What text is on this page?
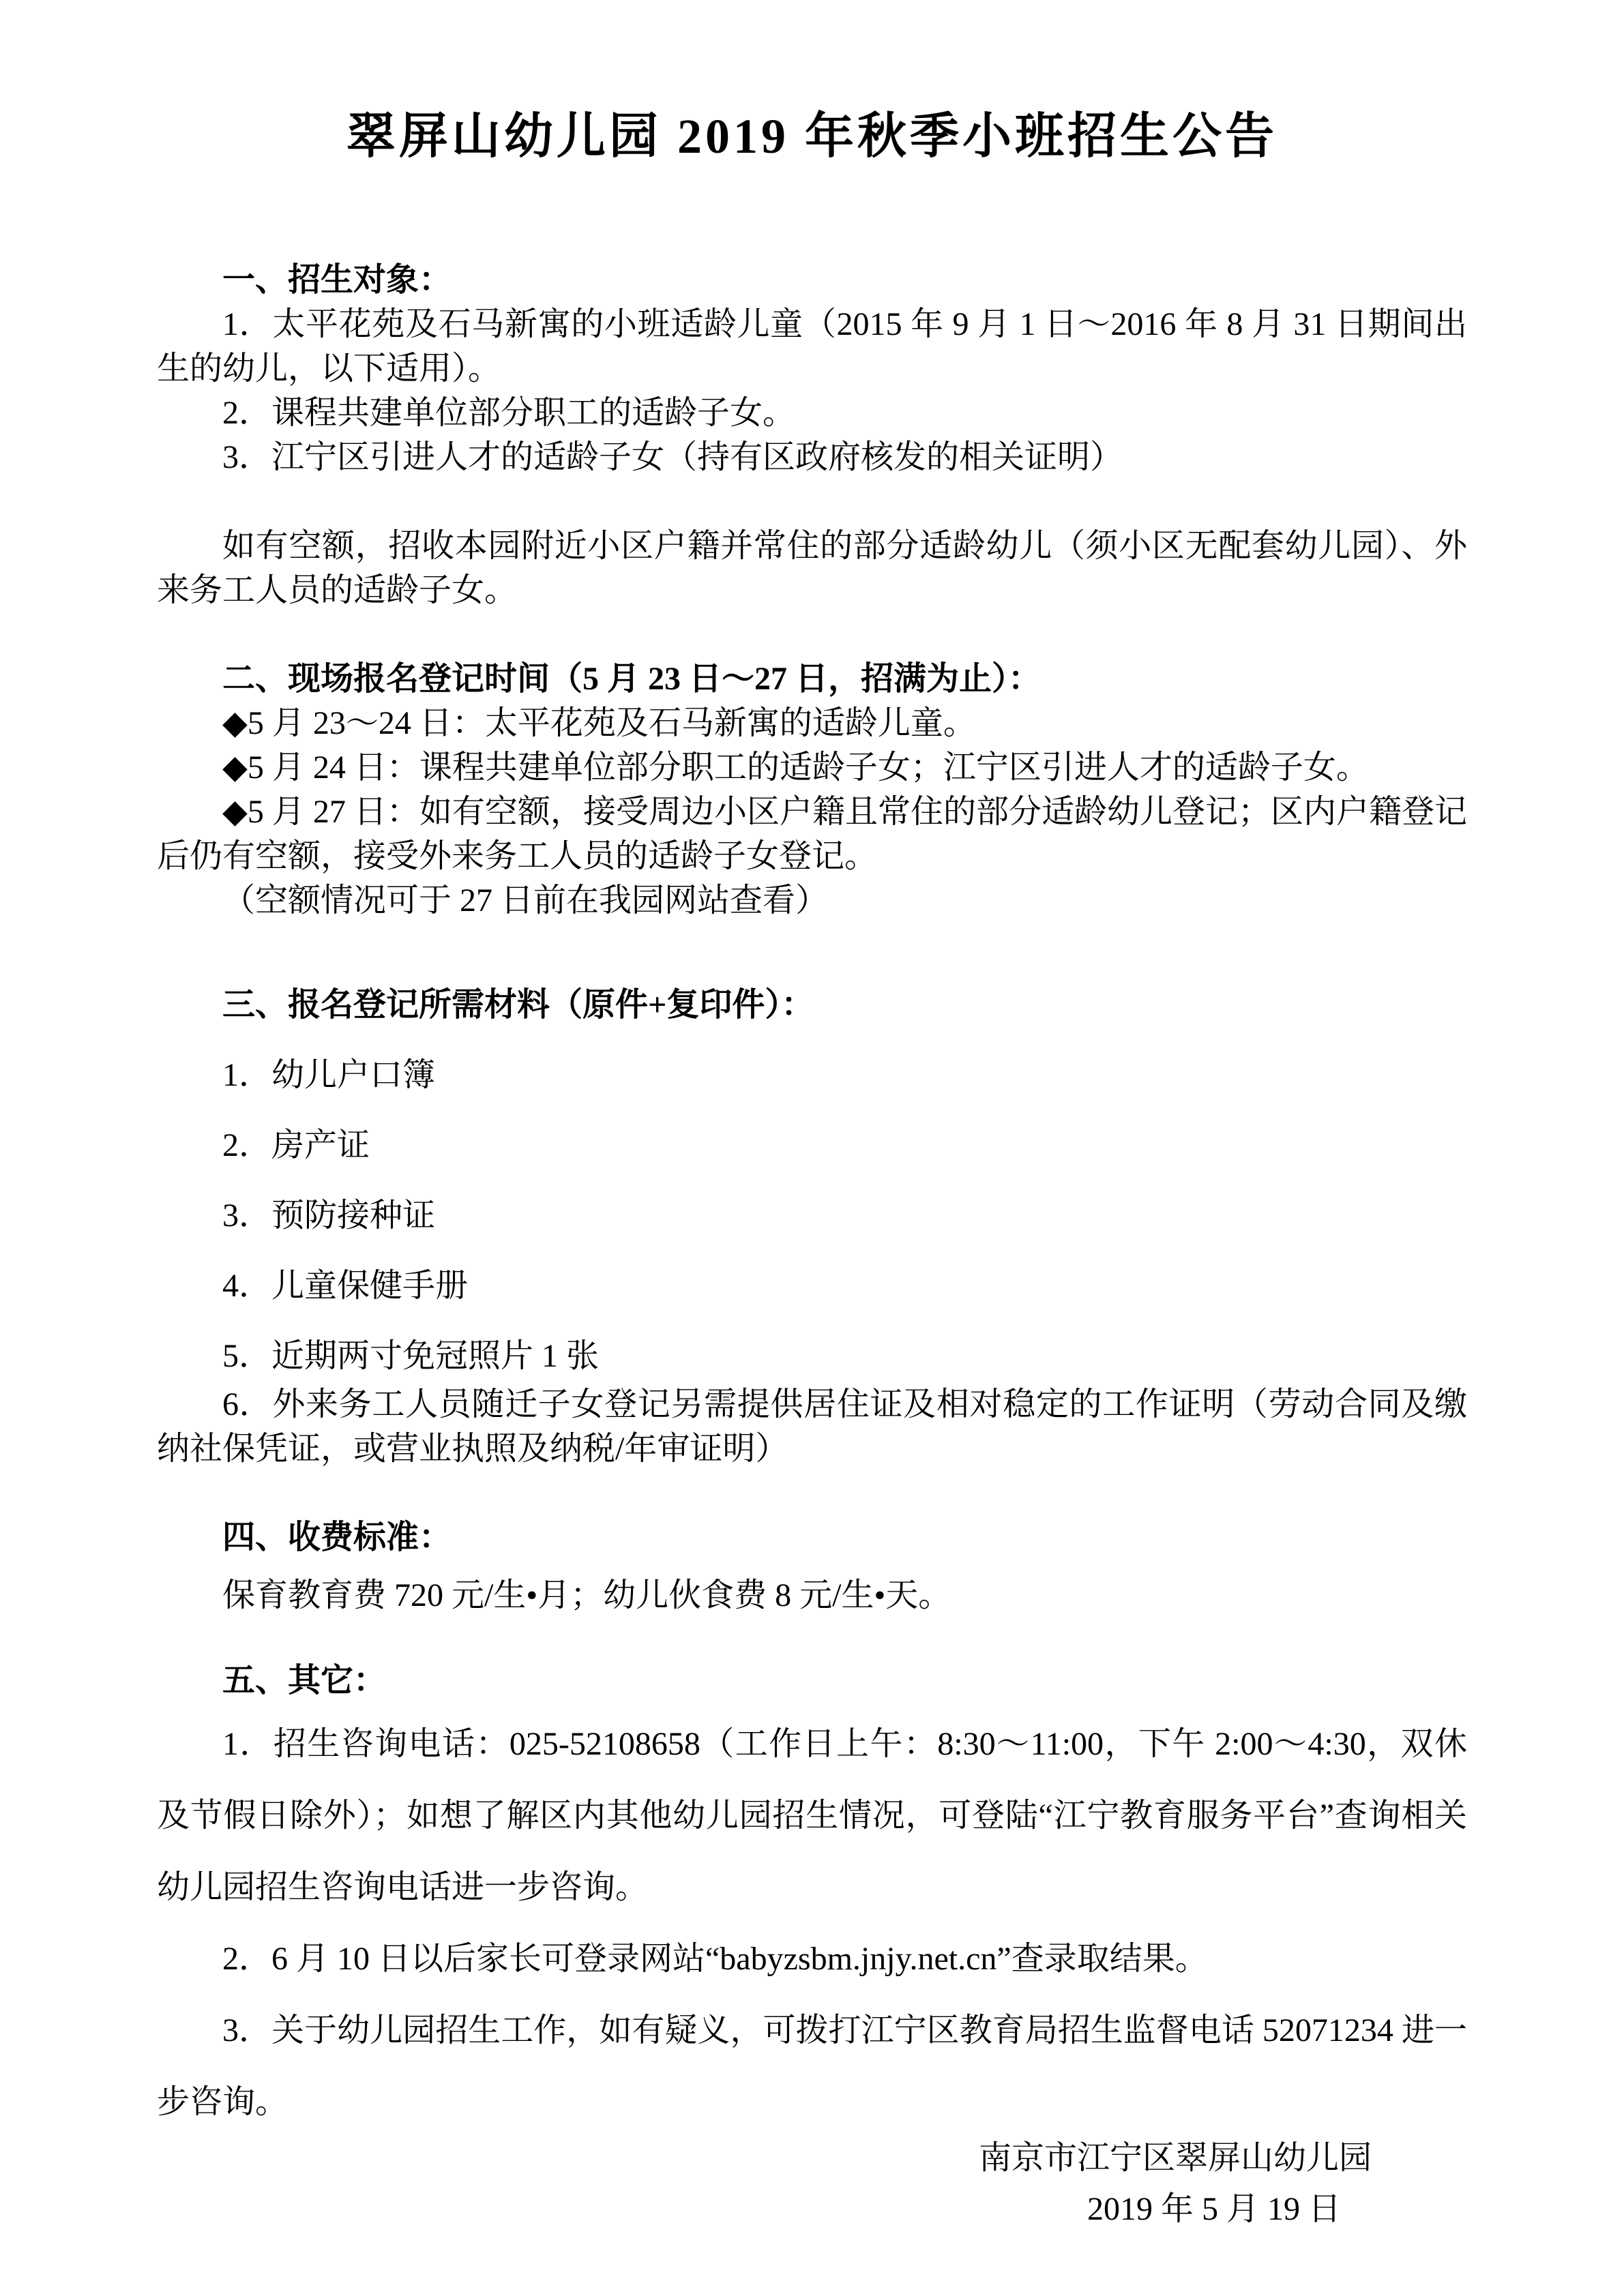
翠屏山幼儿园 2019 年秋季小班招生公告

一、招生对象：

1．太平花苑及石马新寓的小班适龄儿童（2015 年 9 月 1 日～2016 年 8 月 31 日期间出生的幼儿，以下适用）。

2．课程共建单位部分职工的适龄子女。

3．江宁区引进人才的适龄子女（持有区政府核发的相关证明）

如有空额，招收本园附近小区户籍并常住的部分适龄幼儿（须小区无配套幼儿园）、外来务工人员的适龄子女。

二、现场报名登记时间（5 月 23 日～27 日，招满为止）：

◆5 月 23～24 日：太平花苑及石马新寓的适龄儿童。

◆5 月 24 日：课程共建单位部分职工的适龄子女；江宁区引进人才的适龄子女。

◆5 月 27 日：如有空额，接受周边小区户籍且常住的部分适龄幼儿登记；区内户籍登记后仍有空额，接受外来务工人员的适龄子女登记。

（空额情况可于 27 日前在我园网站查看）

三、报名登记所需材料（原件+复印件）：

1．幼儿户口簿

2．房产证

3．预防接种证

4．儿童保健手册

5．近期两寸免冠照片 1 张

6．外来务工人员随迁子女登记另需提供居住证及相对稳定的工作证明（劳动合同及缴纳社保凭证，或营业执照及纳税/年审证明）

四、收费标准：

保育教育费 720 元/生•月；幼儿伙食费 8 元/生•天。

五、其它：

1．招生咨询电话：025-52108658（工作日上午：8:30～11:00，下午 2:00～4:30，双休及节假日除外）；如想了解区内其他幼儿园招生情况，可登陆“江宁教育服务平台”查询相关幼儿园招生咨询电话进一步咨询。

2．6 月 10 日以后家长可登录网站“babyzsbm.jnjy.net.cn”查录取结果。

3．关于幼儿园招生工作，如有疑义，可拨打江宁区教育局招生监督电话 52071234 进一步咨询。

南京市江宁区翠屏山幼儿园
2019 年 5 月 19 日
